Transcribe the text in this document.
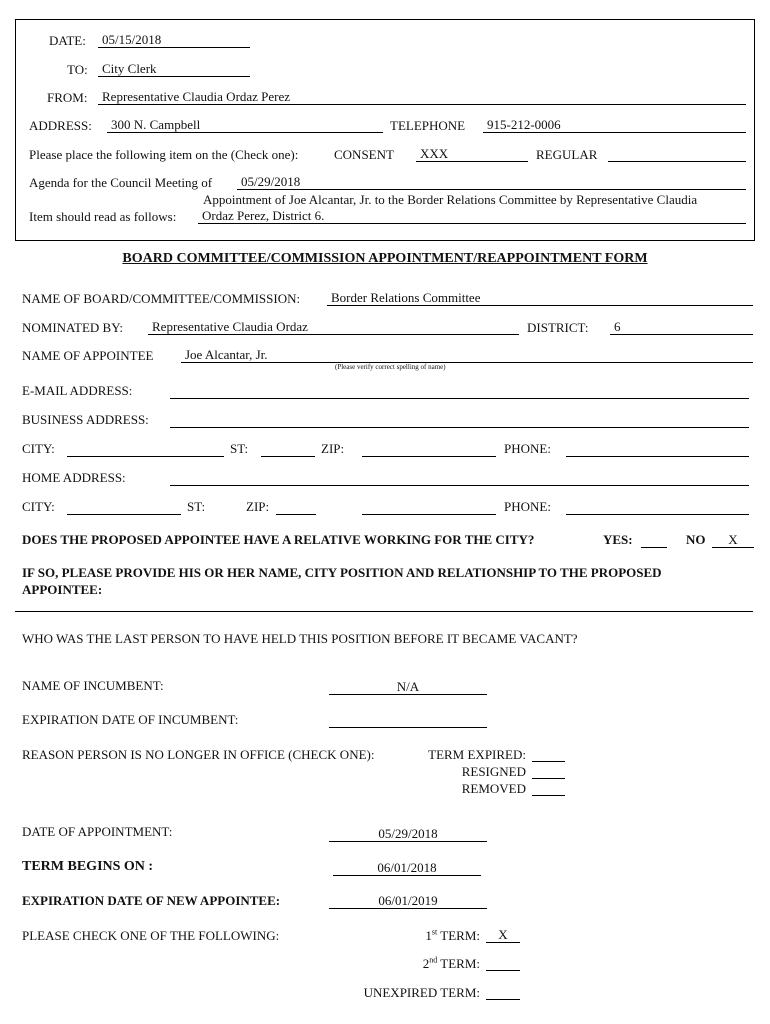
DATE:	05/15/2018
TO:	City Clerk
FROM:	Representative Claudia Ordaz Perez
ADDRESS:	300 N. Campbell	TELEPHONE	915-212-0006
Please place the following item on the (Check one):	CONSENT	XXX	REGULAR
Agenda for the Council Meeting of	05/29/2018
Appointment of Joe Alcantar, Jr. to the Border Relations Committee by Representative Claudia
Item should read as follows:	Ordaz Perez, District 6.
BOARD COMMITTEE/COMMISSION APPOINTMENT/REAPPOINTMENT FORM
NAME OF BOARD/COMMITTEE/COMMISSION:	Border Relations Committee
NOMINATED BY:	Representative Claudia Ordaz	DISTRICT:	6
NAME OF APPOINTEE	Joe Alcantar, Jr.
(Please verify correct spelling of name)
E-MAIL ADDRESS:
BUSINESS ADDRESS:
CITY:	ST:	ZIP:	PHONE:
HOME ADDRESS:
CITY:	ST:	ZIP:	PHONE:
DOES THE PROPOSED APPOINTEE HAVE A RELATIVE WORKING FOR THE CITY?	YES:	NO	X
IF SO, PLEASE PROVIDE HIS OR HER NAME, CITY POSITION AND RELATIONSHIP TO THE PROPOSED
APPOINTEE:
WHO WAS THE LAST PERSON TO HAVE HELD THIS POSITION BEFORE IT BECAME VACANT?
NAME OF INCUMBENT:	N/A
EXPIRATION DATE OF INCUMBENT:
REASON PERSON IS NO LONGER IN OFFICE (CHECK ONE):	TERM EXPIRED:
RESIGNED
REMOVED
DATE OF APPOINTMENT:	05/29/2018
TERM BEGINS ON :	06/01/2018
EXPIRATION DATE OF NEW APPOINTEE:	06/01/2019
PLEASE CHECK ONE OF THE FOLLOWING:	1st TERM:	X
2nd TERM:
UNEXPIRED TERM:
